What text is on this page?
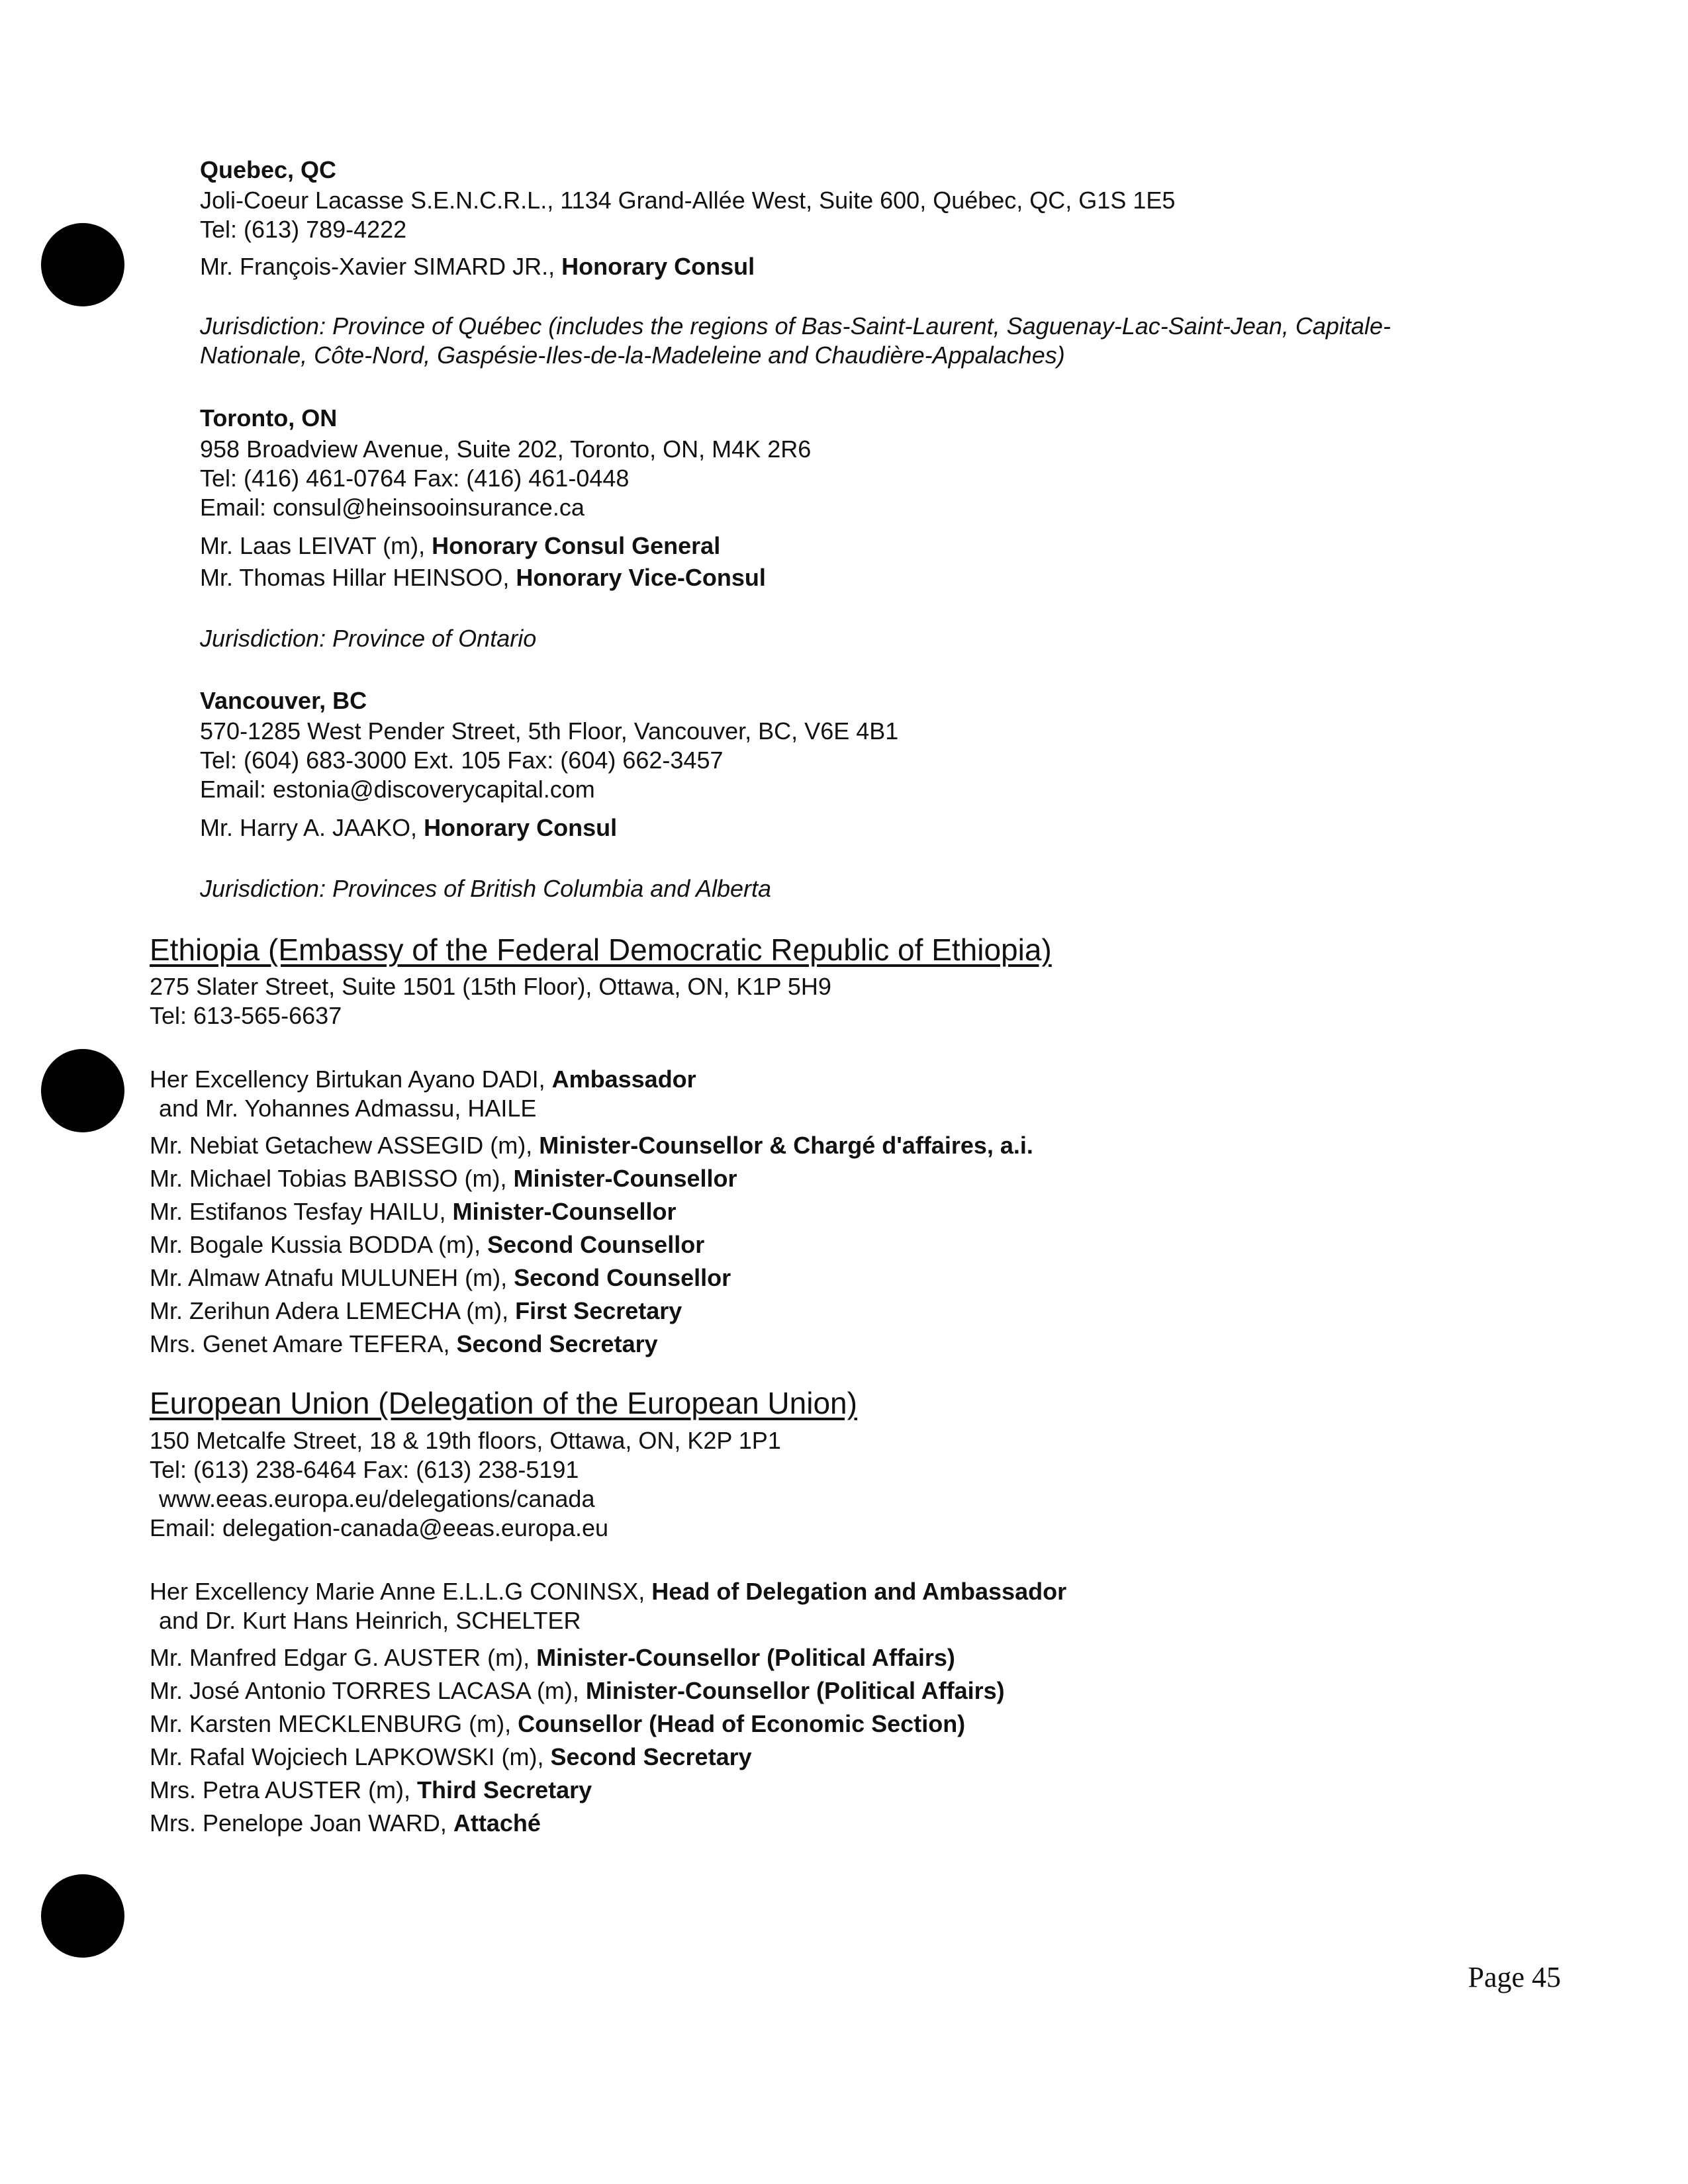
Quebec, QC
Joli-Coeur Lacasse S.E.N.C.R.L., 1134 Grand-Allée West, Suite 600, Québec, QC, G1S 1E5
Tel: (613) 789-4222
Mr. François-Xavier SIMARD JR., Honorary Consul
Jurisdiction: Province of Québec (includes the regions of Bas-Saint-Laurent, Saguenay-Lac-Saint-Jean, Capitale-
Nationale, Côte-Nord, Gaspésie-Iles-de-la-Madeleine and Chaudière-Appalaches)
Toronto, ON
958 Broadview Avenue, Suite 202, Toronto, ON, M4K 2R6
Tel: (416) 461-0764 Fax: (416) 461-0448
Email: consul@heinsooinsurance.ca
Mr. Laas LEIVAT (m), Honorary Consul General
Mr. Thomas Hillar HEINSOO, Honorary Vice-Consul
Jurisdiction: Province of Ontario
Vancouver, BC
570-1285 West Pender Street, 5th Floor, Vancouver, BC, V6E 4B1
Tel: (604) 683-3000 Ext. 105 Fax: (604) 662-3457
Email: estonia@discoverycapital.com
Mr. Harry A. JAAKO, Honorary Consul
Jurisdiction: Provinces of British Columbia and Alberta
Ethiopia (Embassy of the Federal Democratic Republic of Ethiopia)
275 Slater Street, Suite 1501 (15th Floor), Ottawa, ON, K1P 5H9
Tel: 613-565-6637
Her Excellency Birtukan Ayano DADI, Ambassador
and Mr. Yohannes Admassu, HAILE
Mr. Nebiat Getachew ASSEGID (m), Minister-Counsellor & Chargé d'affaires, a.i.
Mr. Michael Tobias BABISSO (m), Minister-Counsellor
Mr. Estifanos Tesfay HAILU, Minister-Counsellor
Mr. Bogale Kussia BODDA (m), Second Counsellor
Mr. Almaw Atnafu MULUNEH (m), Second Counsellor
Mr. Zerihun Adera LEMECHA (m), First Secretary
Mrs. Genet Amare TEFERA, Second Secretary
European Union (Delegation of the European Union)
150 Metcalfe Street, 18 & 19th floors, Ottawa, ON, K2P 1P1
Tel: (613) 238-6464 Fax: (613) 238-5191
www.eeas.europa.eu/delegations/canada
Email: delegation-canada@eeas.europa.eu
Her Excellency Marie Anne E.L.L.G CONINSX, Head of Delegation and Ambassador
and Dr. Kurt Hans Heinrich, SCHELTER
Mr. Manfred Edgar G. AUSTER (m), Minister-Counsellor (Political Affairs)
Mr. José Antonio TORRES LACASA (m), Minister-Counsellor (Political Affairs)
Mr. Karsten MECKLENBURG (m), Counsellor (Head of Economic Section)
Mr. Rafal Wojciech LAPKOWSKI (m), Second Secretary
Mrs. Petra AUSTER (m), Third Secretary
Mrs. Penelope Joan WARD, Attaché
Page 45
